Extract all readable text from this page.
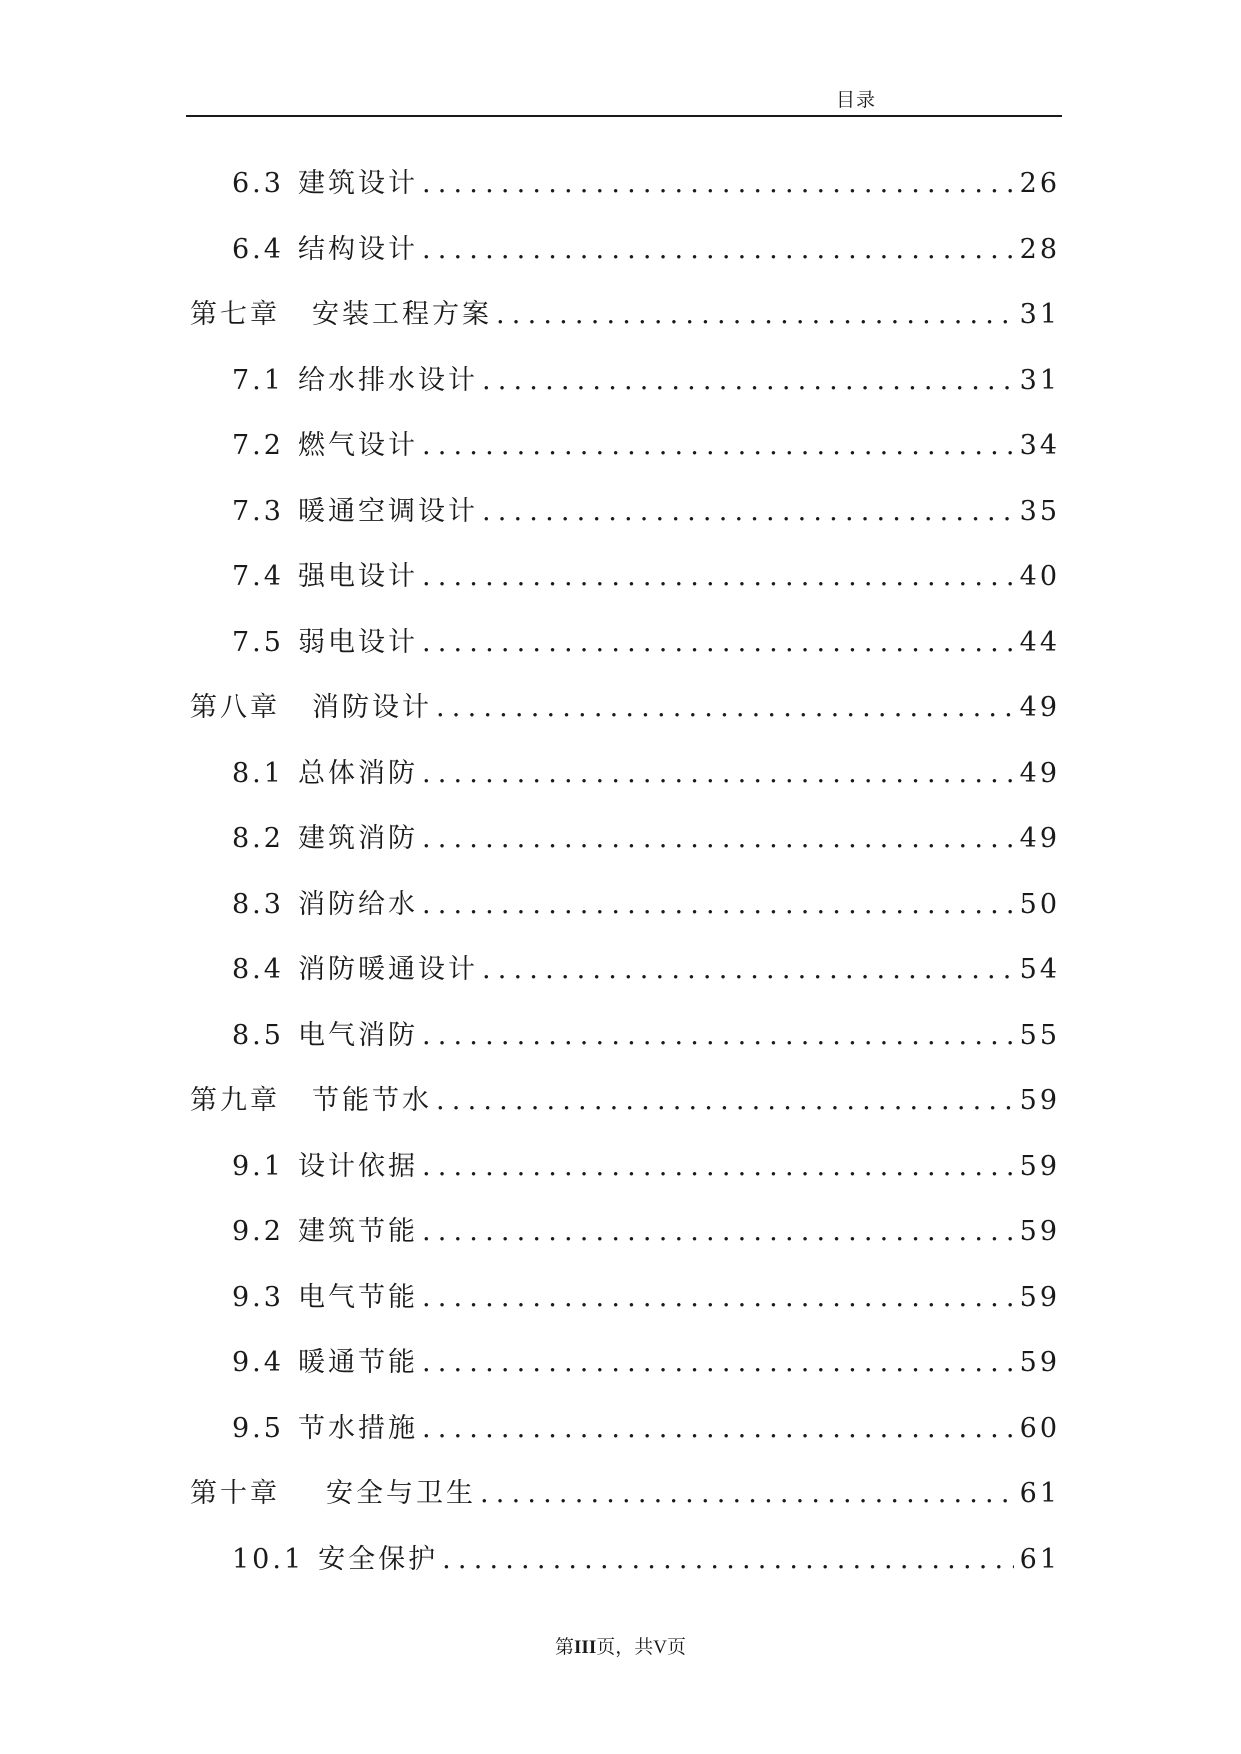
目录
6.3 建筑设计 .....	26
6.4 结构设计 .....	28
第七章 安装工程方案 .....	31
7.1 给水排水设计 .....	31
7.2 燃气设计 .....	34
7.3 暖通空调设计 .....	35
7.4 强电设计 .....	40
7.5 弱电设计 .....	44
第八章 消防设计 .....	49
8.1 总体消防 .....	49
8.2 建筑消防 .....	49
8.3 消防给水 .....	50
8.4 消防暖通设计 .....	54
8.5 电气消防 .....	55
第九章 节能节水 .....	59
9.1 设计依据 .....	59
9.2 建筑节能 .....	59
9.3 电气节能 .....	59
9.4 暖通节能 .....	59
9.5 节水措施 .....	60
第十章 安全与卫生 .....	61
10.1 安全保护 .....	61
第III页，共V页
